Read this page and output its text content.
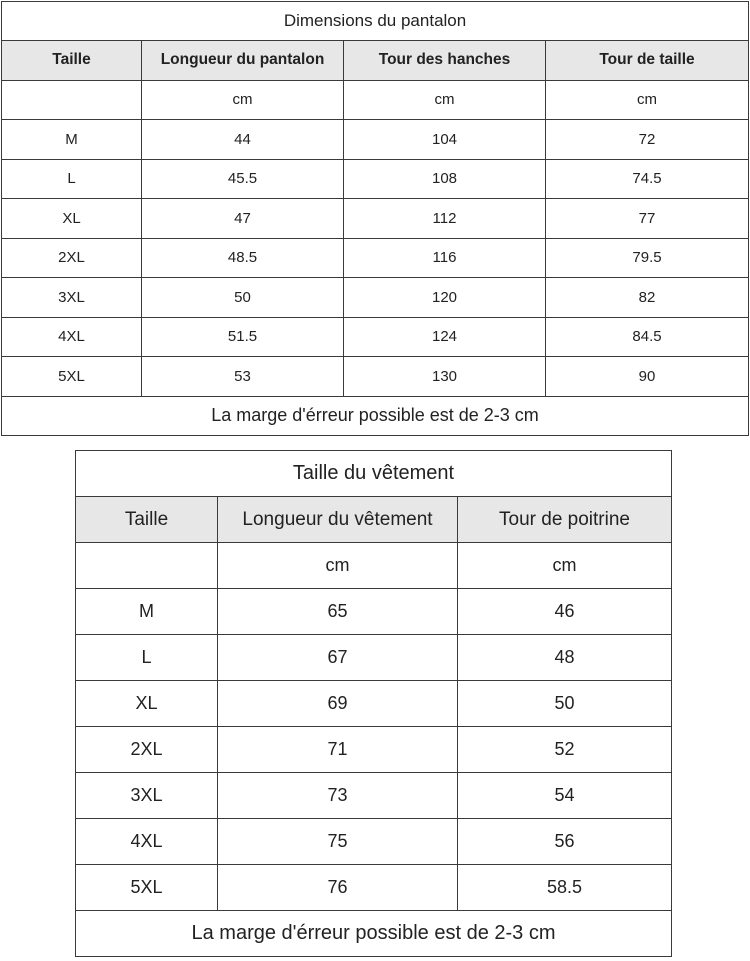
Dimensions du pantalon			
Taille	Longueur du pantalon	Tour des hanches	Tour de taille
	cm	cm	cm
M	44	104	72
L	45.5	108	74.5
XL	47	112	77
2XL	48.5	116	79.5
3XL	50	120	82
4XL	51.5	124	84.5
5XL	53	130	90
La marge d'érreur possible est de 2-3 cm			
Taille du vêtement		
Taille	Longueur du vêtement	Tour de poitrine
	cm	cm
M	65	46
L	67	48
XL	69	50
2XL	71	52
3XL	73	54
4XL	75	56
5XL	76	58.5
La marge d'érreur possible est de 2-3 cm		
